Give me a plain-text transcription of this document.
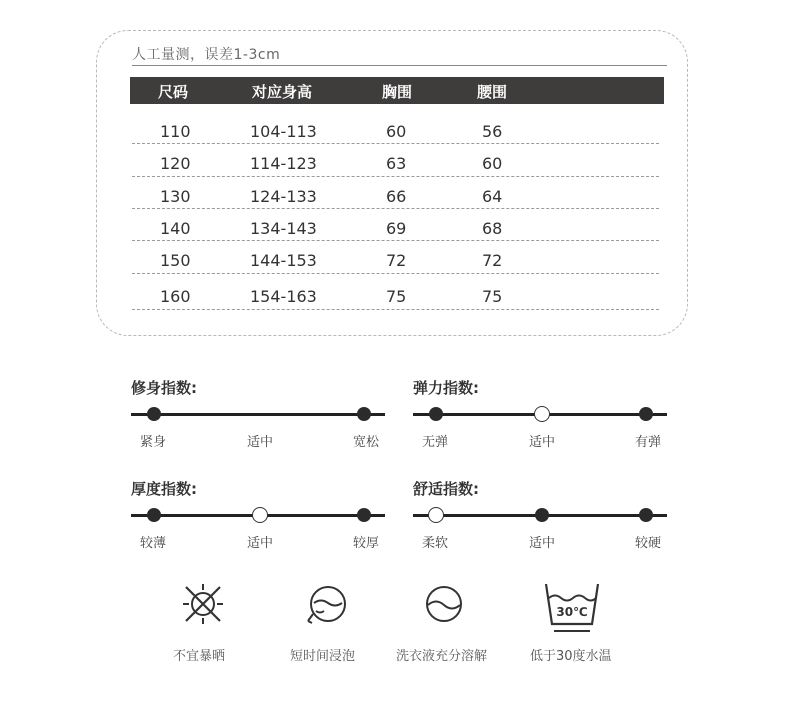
人工量测，误差1-3cm
尺码	对应身高	胸围	腰围
110	104-113	60	56
120	114-123	63	60
130	124-133	66	64
140	134-143	69	68
150	144-153	72	72
160	154-163	75	75
修身指数:
紧身	适中	宽松
弹力指数:
无弹	适中	有弹
厚度指数:
较薄	适中	较厚
舒适指数:
柔软	适中	较硬
不宜暴晒	短时间浸泡	洗衣液充分溶解
30℃
低于30度水温
